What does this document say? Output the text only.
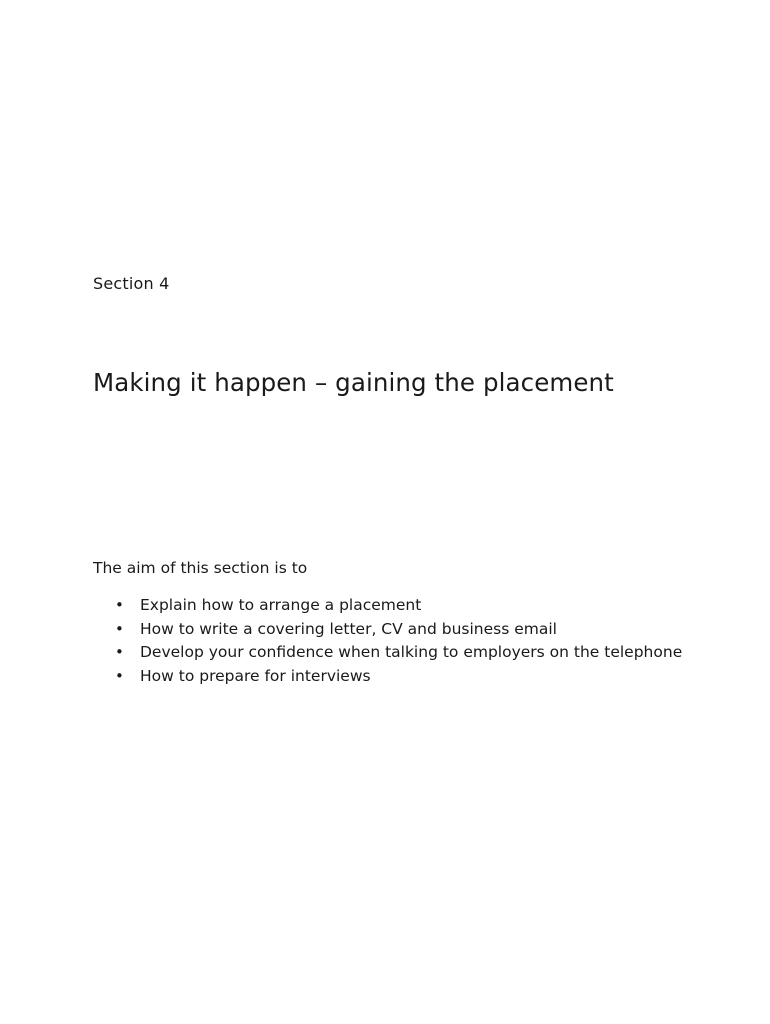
Section 4
Making it happen – gaining the placement
The aim of this section is to
• Explain how to arrange a placement
• How to write a covering letter, CV and business email
• Develop your confidence when talking to employers on the telephone
• How to prepare for interviews
